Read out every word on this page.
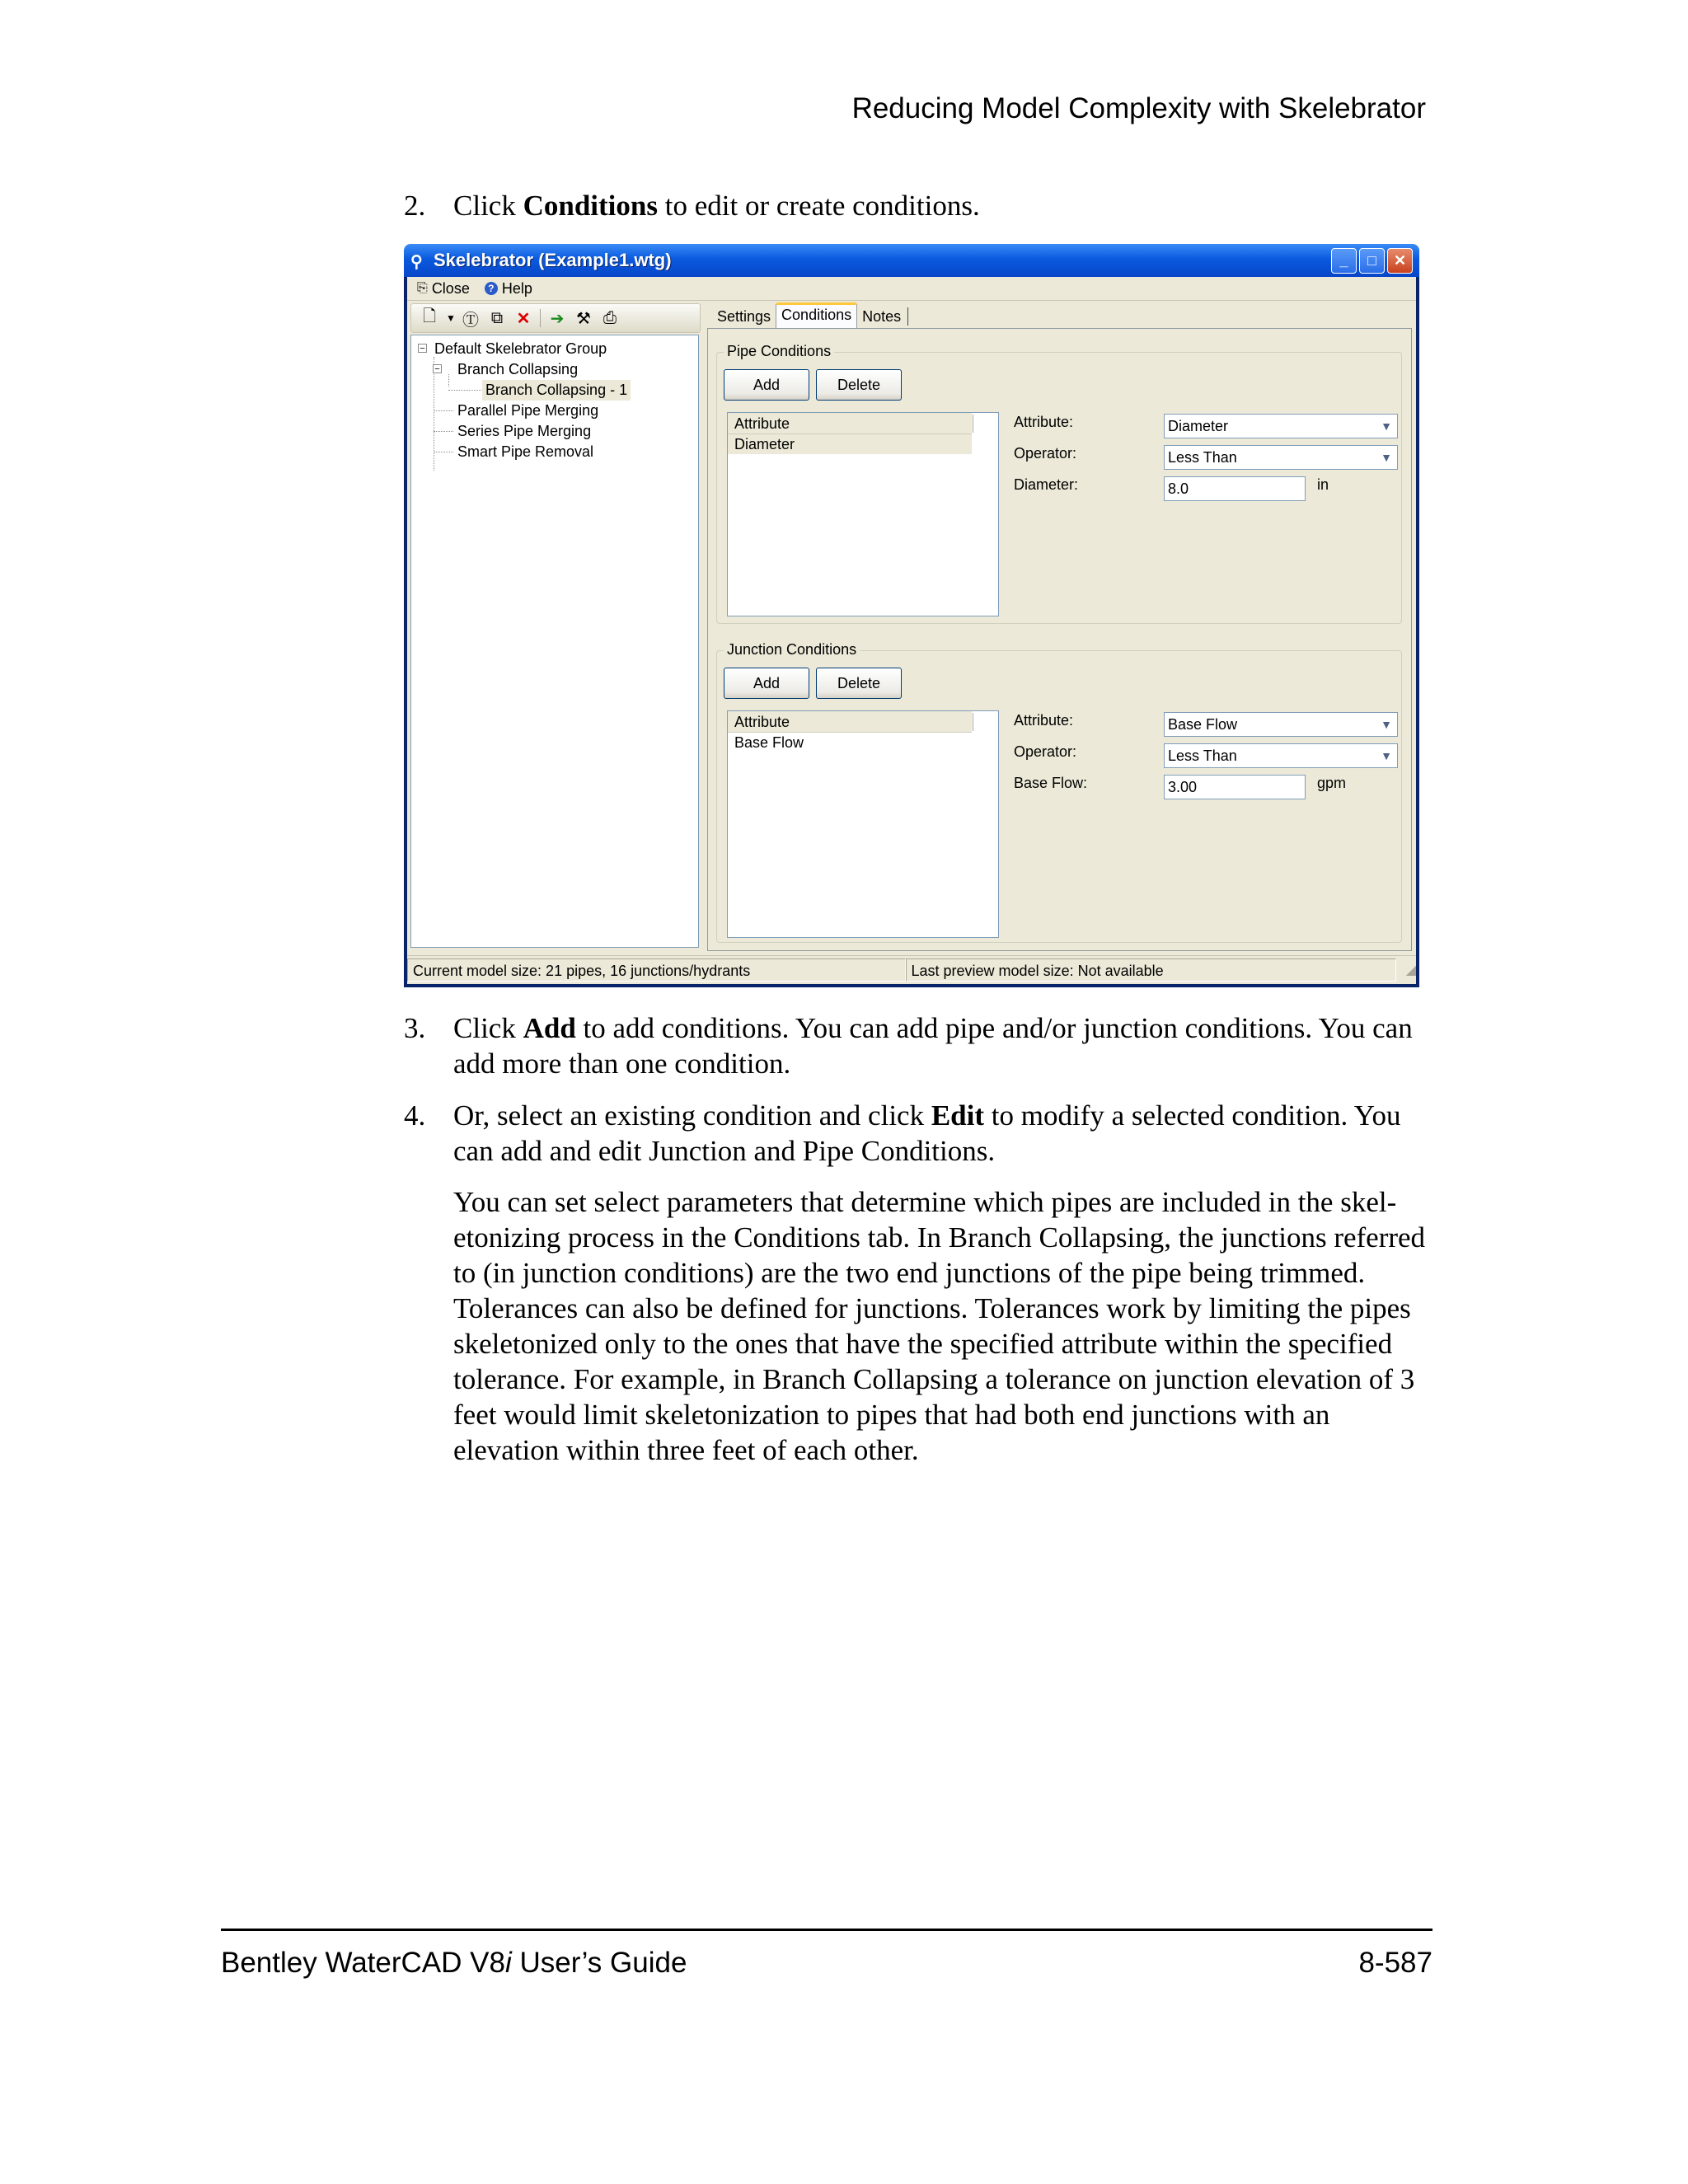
Reducing Model Complexity with Skelebrator
2. Click Conditions to edit or create conditions.
⚲ Skelebrator (Example1.wtg)	_	□	✕
⎘ Close	? Help
🗋 ▼ Ⓣ ⧉ ✕ ➔ ⚒ ⎙
− Default Skelebrator Group
− Branch Collapsing
Branch Collapsing - 1
Parallel Pipe Merging
Series Pipe Merging
Smart Pipe Removal
Settings Conditions Notes
Pipe Conditions
Add	Delete
Attribute
Diameter
Attribute:	Diameter	▼
Operator:	Less Than	▼
Diameter:	8.0	in
Junction Conditions
Add	Delete
Attribute
Base Flow
Attribute:	Base Flow	▼
Operator:	Less Than	▼
Base Flow:	3.00	gpm
Current model size: 21 pipes, 16 junctions/hydrants	Last preview model size: Not available	◢
3. Click Add to add conditions. You can add pipe and/or junction conditions. You can add more than one condition.
4. Or, select an existing condition and click Edit to modify a selected condition. You can add and edit Junction and Pipe Conditions.
You can set select parameters that determine which pipes are included in the skel-etonizing process in the Conditions tab. In Branch Collapsing, the junctions referred to (in junction conditions) are the two end junctions of the pipe being trimmed. Tolerances can also be defined for junctions. Tolerances work by limiting the pipes skeletonized only to the ones that have the specified attribute within the specified tolerance. For example, in Branch Collapsing a tolerance on junction elevation of 3 feet would limit skeletonization to pipes that had both end junctions with an elevation within three feet of each other.
Bentley WaterCAD V8i User’s Guide	8-587
